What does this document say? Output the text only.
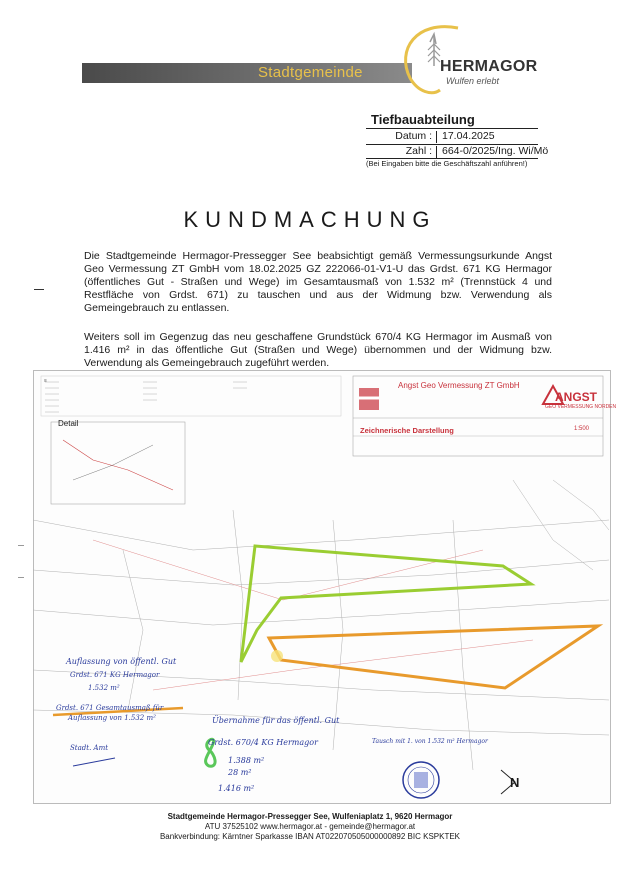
Stadtgemeinde	HERMAGOR
Wulfen erlebt
Tiefbauabteilung
Datum : 17.04.2025
Zahl : 664-0/2025/Ing. Wi/Mö
(Bei Eingaben bitte die Geschäftszahl anführen!)
KUNDMACHUNG
Die Stadtgemeinde Hermagor-Pressegger See beabsichtigt gemäß Vermessungsurkunde Angst Geo Vermessung ZT GmbH vom 18.02.2025 GZ 222066-01-V1-U das Grdst. 671 KG Hermagor (öffentliches Gut - Straßen und Wege) im Gesamtausmaß von 1.532 m² (Trennstück 4 und Restfläche von Grdst. 671) zu tauschen und aus der Widmung bzw. Verwendung als Gemeingebrauch zu entlassen.
Weiters soll im Gegenzug das neu geschaffene Grundstück 670/4 KG Hermagor im Ausmaß von 1.416 m² in das öffentliche Gut (Straßen und Wege) übernommen und der Widmung bzw. Verwendung als Gemeingebrauch zugeführt werden.
≡
Detail
Angst Geo Vermessung ZT GmbH
ANGST
GEO VERMESSUNG NORDEN
Zeichnerische Darstellung	1:500
Auflassung von öffentl. Gut
Grdst. 671 KG Hermagor
1.532 m²
Grdst. 671 Gesamtausmaß für
Auflassung von 1.532 m²
Stadt. Amt
Übernahme für das öffentl. Gut
Grdst. 670/4 KG Hermagor
1.388 m²
28 m²
1.416 m²
Tausch mit 1. von 1.532 m² Hermagor
N
Stadtgemeinde Hermagor-Pressegger See, Wulfeniaplatz 1, 9620 Hermagor
ATU 37525102 www.hermagor.at - gemeinde@hermagor.at
Bankverbindung: Kärntner Sparkasse IBAN AT022070505000000892 BIC KSPKTEK
